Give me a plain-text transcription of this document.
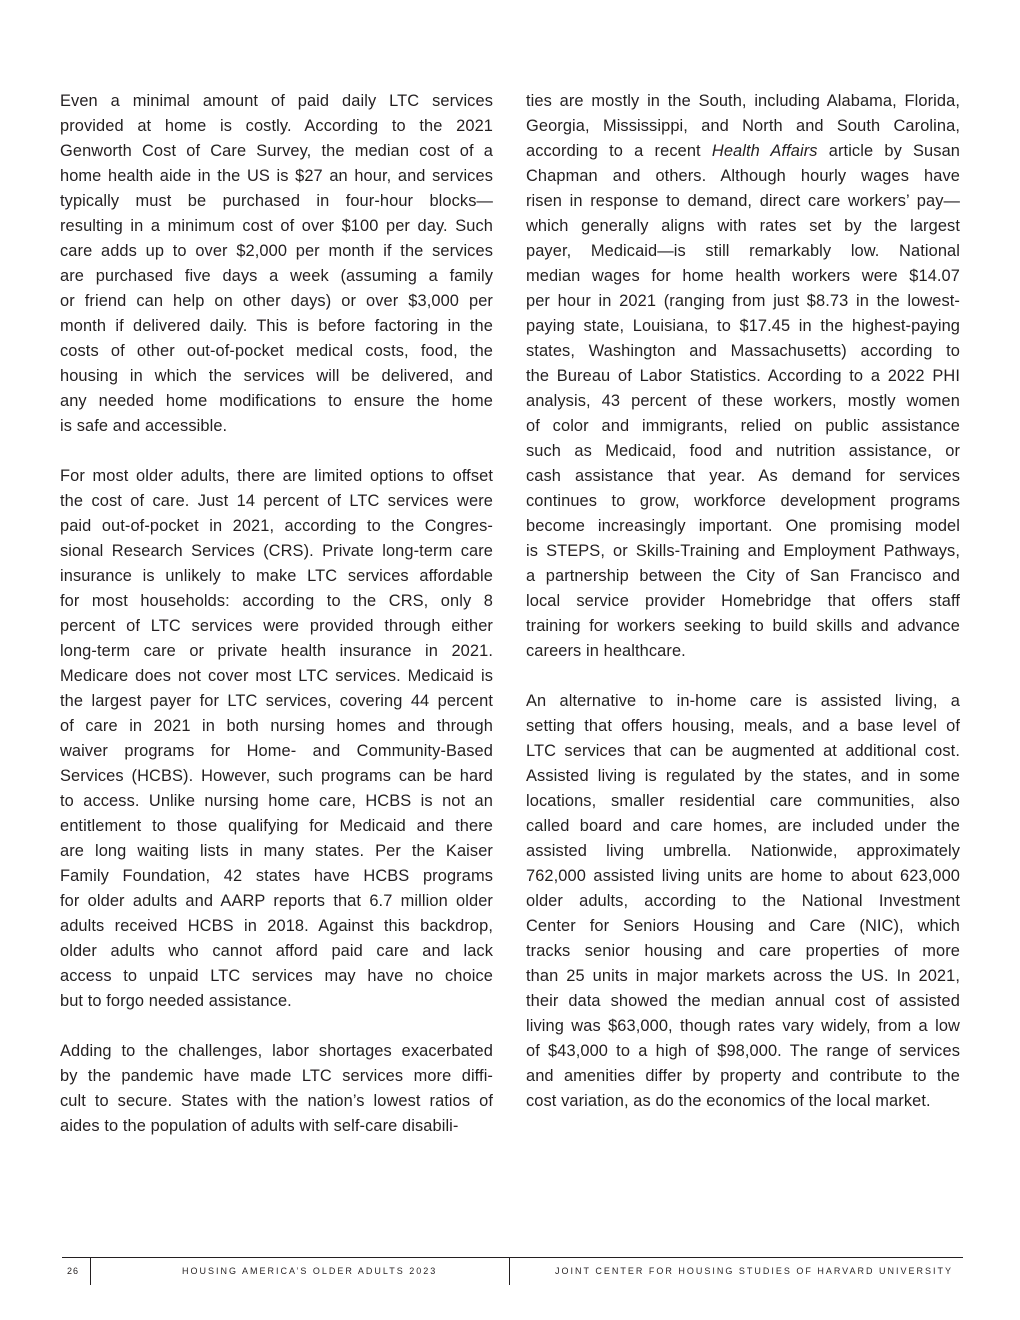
Even a minimal amount of paid daily LTC services
provided at home is costly. According to the 2021
Genworth Cost of Care Survey, the median cost of a
home health aide in the US is $27 an hour, and services
typically must be purchased in four-hour blocks—
resulting in a minimum cost of over $100 per day. Such
care adds up to over $2,000 per month if the services
are purchased five days a week (assuming a family
or friend can help on other days) or over $3,000 per
month if delivered daily. This is before factoring in the
costs of other out-of-pocket medical costs, food, the
housing in which the services will be delivered, and
any needed home modifications to ensure the home
is safe and accessible.
For most older adults, there are limited options to offset
the cost of care. Just 14 percent of LTC services were
paid out-of-pocket in 2021, according to the Congres-
sional Research Services (CRS). Private long-term care
insurance is unlikely to make LTC services affordable
for most households: according to the CRS, only 8
percent of LTC services were provided through either
long-term care or private health insurance in 2021.
Medicare does not cover most LTC services. Medicaid is
the largest payer for LTC services, covering 44 percent
of care in 2021 in both nursing homes and through
waiver programs for Home- and Community-Based
Services (HCBS). However, such programs can be hard
to access. Unlike nursing home care, HCBS is not an
entitlement to those qualifying for Medicaid and there
are long waiting lists in many states. Per the Kaiser
Family Foundation, 42 states have HCBS programs
for older adults and AARP reports that 6.7 million older
adults received HCBS in 2018. Against this backdrop,
older adults who cannot afford paid care and lack
access to unpaid LTC services may have no choice
but to forgo needed assistance.
Adding to the challenges, labor shortages exacerbated
by the pandemic have made LTC services more diffi-
cult to secure. States with the nation’s lowest ratios of
aides to the population of adults with self-care disabili-
ties are mostly in the South, including Alabama, Florida,
Georgia, Mississippi, and North and South Carolina,
according to a recent Health Affairs article by Susan
Chapman and others. Although hourly wages have
risen in response to demand, direct care workers’ pay—
which generally aligns with rates set by the largest
payer, Medicaid—is still remarkably low. National
median wages for home health workers were $14.07
per hour in 2021 (ranging from just $8.73 in the lowest-
paying state, Louisiana, to $17.45 in the highest-paying
states, Washington and Massachusetts) according to
the Bureau of Labor Statistics. According to a 2022 PHI
analysis, 43 percent of these workers, mostly women
of color and immigrants, relied on public assistance
such as Medicaid, food and nutrition assistance, or
cash assistance that year. As demand for services
continues to grow, workforce development programs
become increasingly important. One promising model
is STEPS, or Skills-Training and Employment Pathways,
a partnership between the City of San Francisco and
local service provider Homebridge that offers staff
training for workers seeking to build skills and advance
careers in healthcare.
An alternative to in-home care is assisted living, a
setting that offers housing, meals, and a base level of
LTC services that can be augmented at additional cost.
Assisted living is regulated by the states, and in some
locations, smaller residential care communities, also
called board and care homes, are included under the
assisted living umbrella. Nationwide, approximately
762,000 assisted living units are home to about 623,000
older adults, according to the National Investment
Center for Seniors Housing and Care (NIC), which
tracks senior housing and care properties of more
than 25 units in major markets across the US. In 2021,
their data showed the median annual cost of assisted
living was $63,000, though rates vary widely, from a low
of $43,000 to a high of $98,000. The range of services
and amenities differ by property and contribute to the
cost variation, as do the economics of the local market.
26	HOUSING AMERICA’S OLDER ADULTS 2023	JOINT CENTER FOR HOUSING STUDIES OF HARVARD UNIVERSITY
